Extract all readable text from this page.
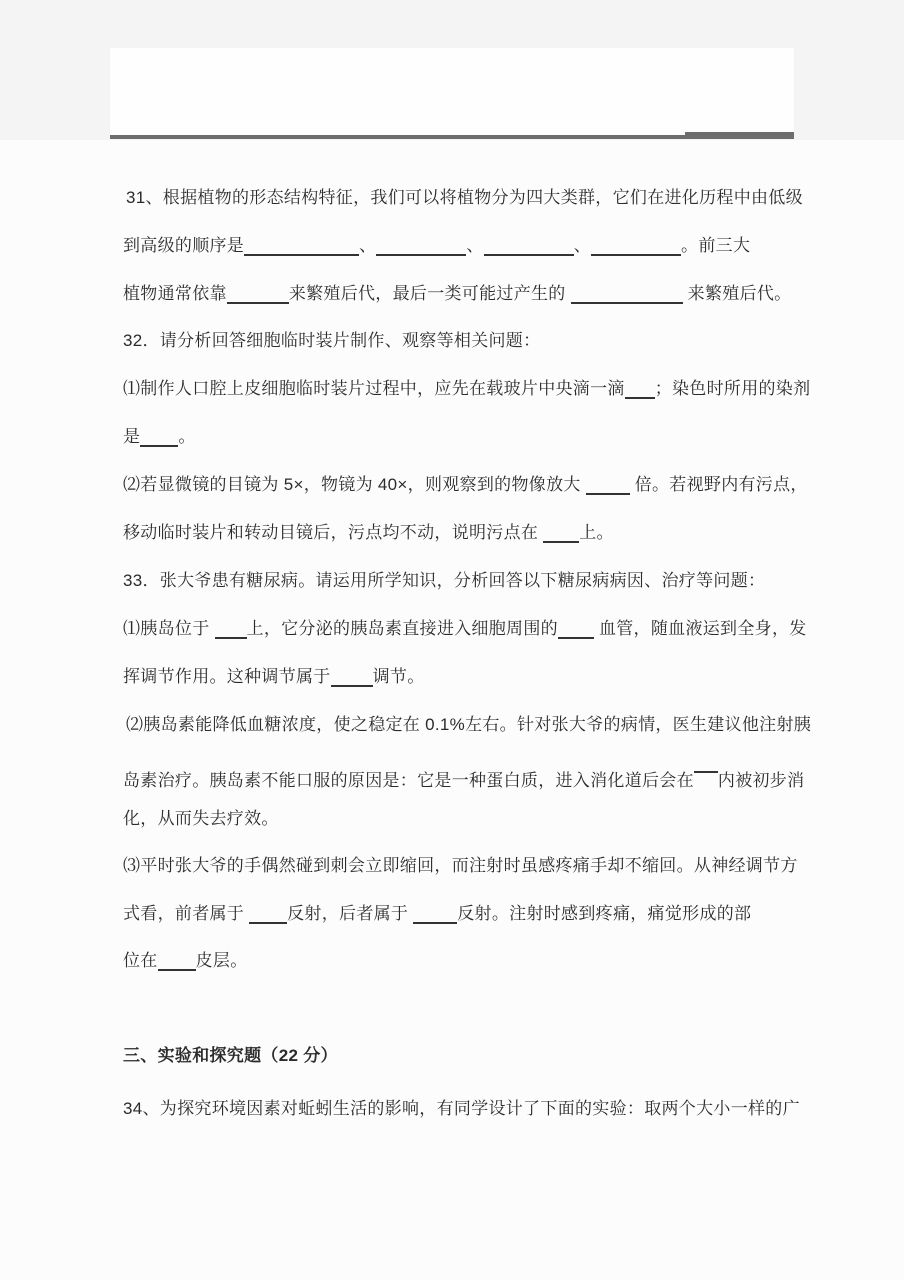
31、根据植物的形态结构特征，我们可以将植物分为四大类群，它们在进化历程中由低级
到高级的顺序是	、	、	、	。前三大
植物通常依靠	来繁殖后代，最后一类可能过产生的	来繁殖后代。
32．请分析回答细胞临时装片制作、观察等相关问题：
⑴制作人口腔上皮细胞临时装片过程中，应先在载玻片中央滴一滴 ；染色时所用的染剂
是 。
⑵若显微镜的目镜为 5×，物镜为 40×，则观察到的物像放大	倍。若视野内有污点，
移动临时装片和转动目镜后，污点均不动，说明污点在 上。
33．张大爷患有糖尿病。请运用所学知识，分析回答以下糖尿病病因、治疗等问题：
⑴胰岛位于 上，它分泌的胰岛素直接进入细胞周围的 血管，随血液运到全身，发
挥调节作用。这种调节属于 调节。
⑵胰岛素能降低血糖浓度，使之稳定在 0.1%左右。针对张大爷的病情，医生建议他注射胰
岛素治疗。胰岛素不能口服的原因是：它是一种蛋白质，进入消化道后会在 内被初步消
化，从而失去疗效。
⑶平时张大爷的手偶然碰到刺会立即缩回，而注射时虽感疼痛手却不缩回。从神经调节方
式看，前者属于 反射，后者属于	反射。注射时感到疼痛，痛觉形成的部
位在 皮层。
三、实验和探究题（22 分）
34、为探究环境因素对蚯蚓生活的影响，有同学设计了下面的实验：取两个大小一样的广
